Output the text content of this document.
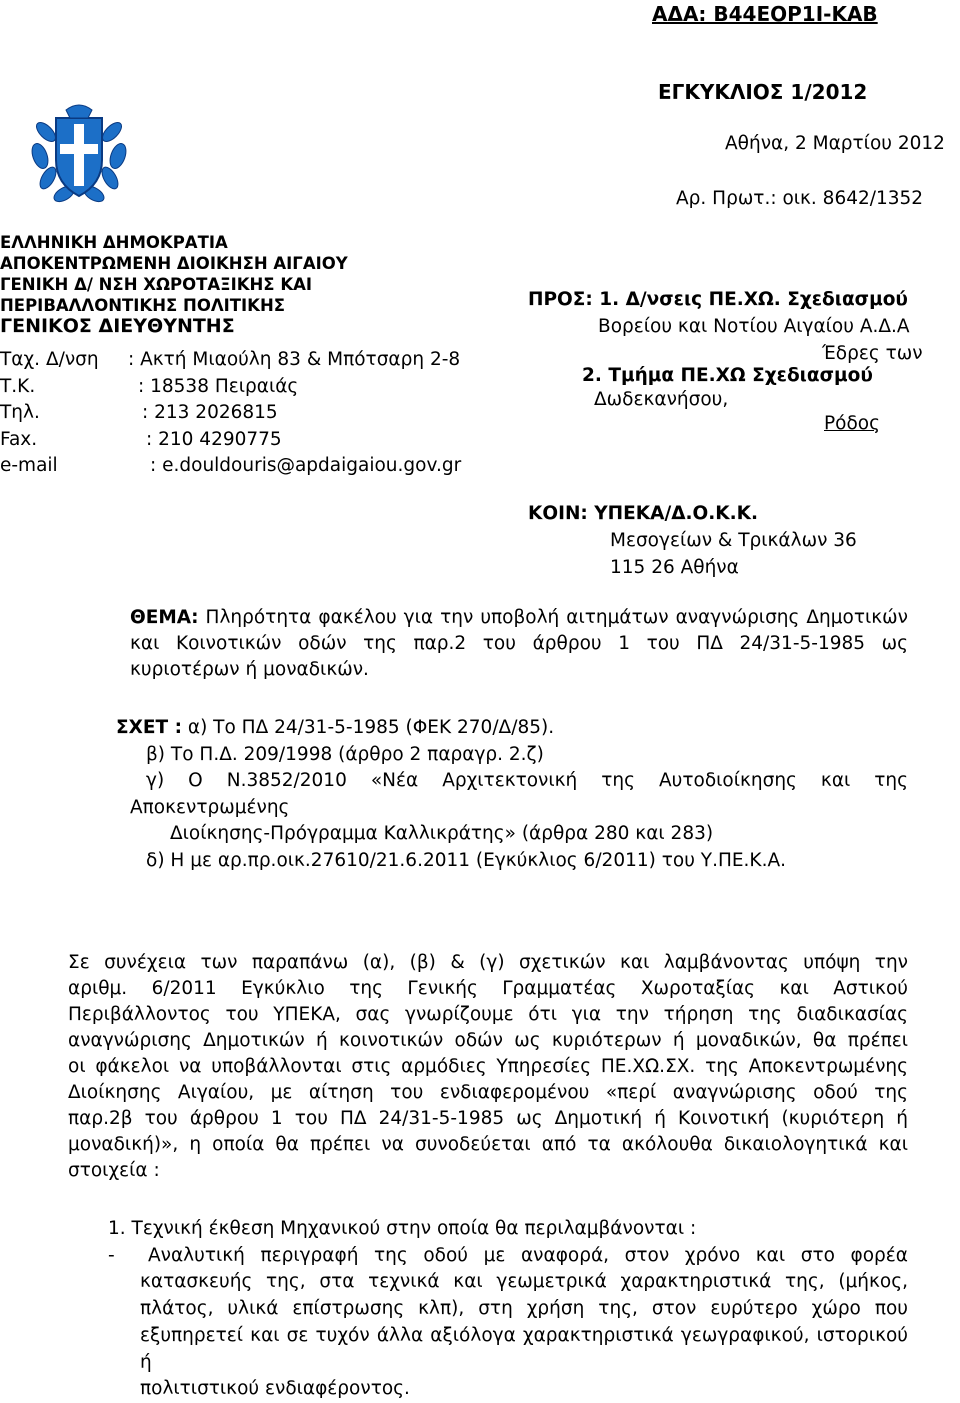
ΑΔΑ: Β44ΕΟΡ1Ι-ΚΑΒ
ΕΓΚΥΚΛΙΟΣ 1/2012
Αθήνα, 2 Μαρτίου 2012
Αρ. Πρωτ.: οικ. 8642/1352
ΕΛΛΗΝΙΚΗ ΔΗΜΟΚΡΑΤΙΑ
ΑΠΟΚΕΝΤΡΩΜΕΝΗ ΔΙΟΙΚΗΣΗ ΑΙΓΑΙΟΥ
ΓΕΝΙΚΗ Δ/ ΝΣΗ ΧΩΡΟΤΑΞΙΚΗΣ ΚΑΙ
ΠΕΡΙΒΑΛΛΟΝΤΙΚΗΣ ΠΟΛΙΤΙΚΗΣ
ΓΕΝΙΚΟΣ ΔΙΕΥΘΥΝΤΗΣ
Ταχ. Δ/νση : Ακτή Μιαούλη 83 & Μπότσαρη 2-8
Τ.Κ.	: 18538 Πειραιάς
Τηλ.	: 213 2026815
Fax.	: 210 4290775
e-mail	: e.douldouris@apdaigaiou.gov.gr
ΠΡΟΣ: 1. Δ/νσεις ΠΕ.ΧΩ. Σχεδιασμού
Βορείου και Νοτίου Αιγαίου Α.Δ.Α
Έδρες των
2. Τμήμα ΠΕ.ΧΩ Σχεδιασμού
Δωδεκανήσου,
Ρόδος
ΚΟΙΝ: ΥΠΕΚΑ/Δ.Ο.Κ.Κ.
Μεσογείων & Τρικάλων 36
115 26 Αθήνα
ΘΕΜΑ: Πληρότητα φακέλου για την υποβολή αιτημάτων αναγνώρισης Δημοτικών
και Κοινοτικών οδών της παρ.2 του άρθρου 1 του ΠΔ 24/31-5-1985 ως
κυριοτέρων ή μοναδικών.
ΣΧΕΤ : α) Το ΠΔ 24/31-5-1985 (ΦΕΚ 270/Δ/85).
β) Το Π.Δ. 209/1998 (άρθρο 2 παραγρ. 2.ζ)
γ) Ο Ν.3852/2010 «Νέα Αρχιτεκτονική της Αυτοδιοίκησης και της
Αποκεντρωμένης
Διοίκησης-Πρόγραμμα Καλλικράτης» (άρθρα 280 και 283)
δ) Η με αρ.πρ.οικ.27610/21.6.2011 (Εγκύκλιος 6/2011) του Υ.ΠΕ.Κ.Α.
Σε συνέχεια των παραπάνω (α), (β) & (γ) σχετικών και λαμβάνοντας υπόψη την
αριθμ. 6/2011 Εγκύκλιο της Γενικής Γραμματέας Χωροταξίας και Αστικού
Περιβάλλοντος του ΥΠΕΚΑ, σας γνωρίζουμε ότι για την τήρηση της διαδικασίας
αναγνώρισης Δημοτικών ή κοινοτικών οδών ως κυριότερων ή μοναδικών, θα πρέπει
οι φάκελοι να υποβάλλονται στις αρμόδιες Υπηρεσίες ΠΕ.ΧΩ.ΣΧ. της Αποκεντρωμένης
Διοίκησης Αιγαίου, με αίτηση του ενδιαφερομένου «περί αναγνώρισης οδού της
παρ.2β του άρθρου 1 του ΠΔ 24/31-5-1985 ως Δημοτική ή Κοινοτική (κυριότερη ή
μοναδική)», η οποία θα πρέπει να συνοδεύεται από τα ακόλουθα δικαιολογητικά και
στοιχεία :
1. Τεχνική έκθεση Μηχανικού στην οποία θα περιλαμβάνονται :
- Αναλυτική περιγραφή της οδού με αναφορά, στον χρόνο και στο φορέα
κατασκευής της, στα τεχνικά και γεωμετρικά χαρακτηριστικά της, (μήκος,
πλάτος, υλικά επίστρωσης κλπ), στη χρήση της, στον ευρύτερο χώρο που
εξυπηρετεί και σε τυχόν άλλα αξιόλογα χαρακτηριστικά γεωγραφικού, ιστορικού ή
πολιτιστικού ενδιαφέροντος.
